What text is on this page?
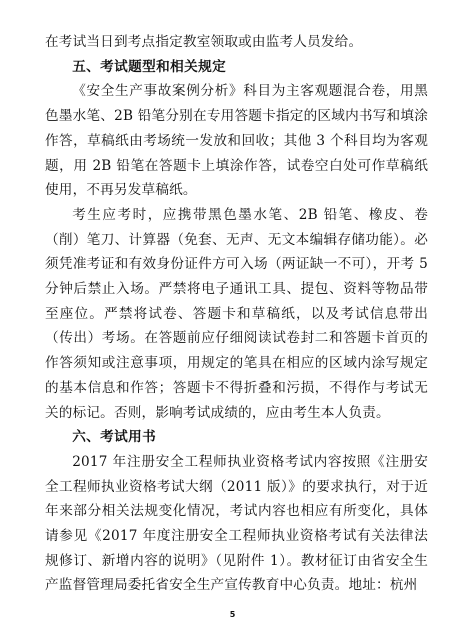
在考试当日到考点指定教室领取或由监考人员发给。

五、考试题型和相关规定

《安全生产事故案例分析》科目为主客观题混合卷，用黑色墨水笔、2B 铅笔分别在专用答题卡指定的区域内书写和填涂作答，草稿纸由考场统一发放和回收；其他 3 个科目均为客观题，用 2B 铅笔在答题卡上填涂作答，试卷空白处可作草稿纸使用，不再另发草稿纸。

考生应考时，应携带黑色墨水笔、2B 铅笔、橡皮、卷（削）笔刀、计算器（免套、无声、无文本编辑存储功能）。必须凭准考证和有效身份证件方可入场（两证缺一不可），开考 5 分钟后禁止入场。严禁将电子通讯工具、提包、资料等物品带至座位。严禁将试卷、答题卡和草稿纸，以及考试信息带出（传出）考场。在答题前应仔细阅读试卷封二和答题卡首页的作答须知或注意事项，用规定的笔具在相应的区域内涂写规定的基本信息和作答；答题卡不得折叠和污损，不得作与考试无关的标记。否则，影响考试成绩的，应由考生本人负责。

六、考试用书

2017 年注册安全工程师执业资格考试内容按照《注册安全工程师执业资格考试大纲（2011 版）》的要求执行，对于近年来部分相关法规变化情况，考试内容也相应有所变化，具体请参见《2017 年度注册安全工程师执业资格考试有关法律法规修订、新增内容的说明》（见附件 1）。教材征订由省安全生产监督管理局委托省安全生产宣传教育中心负责。地址：杭州

5
